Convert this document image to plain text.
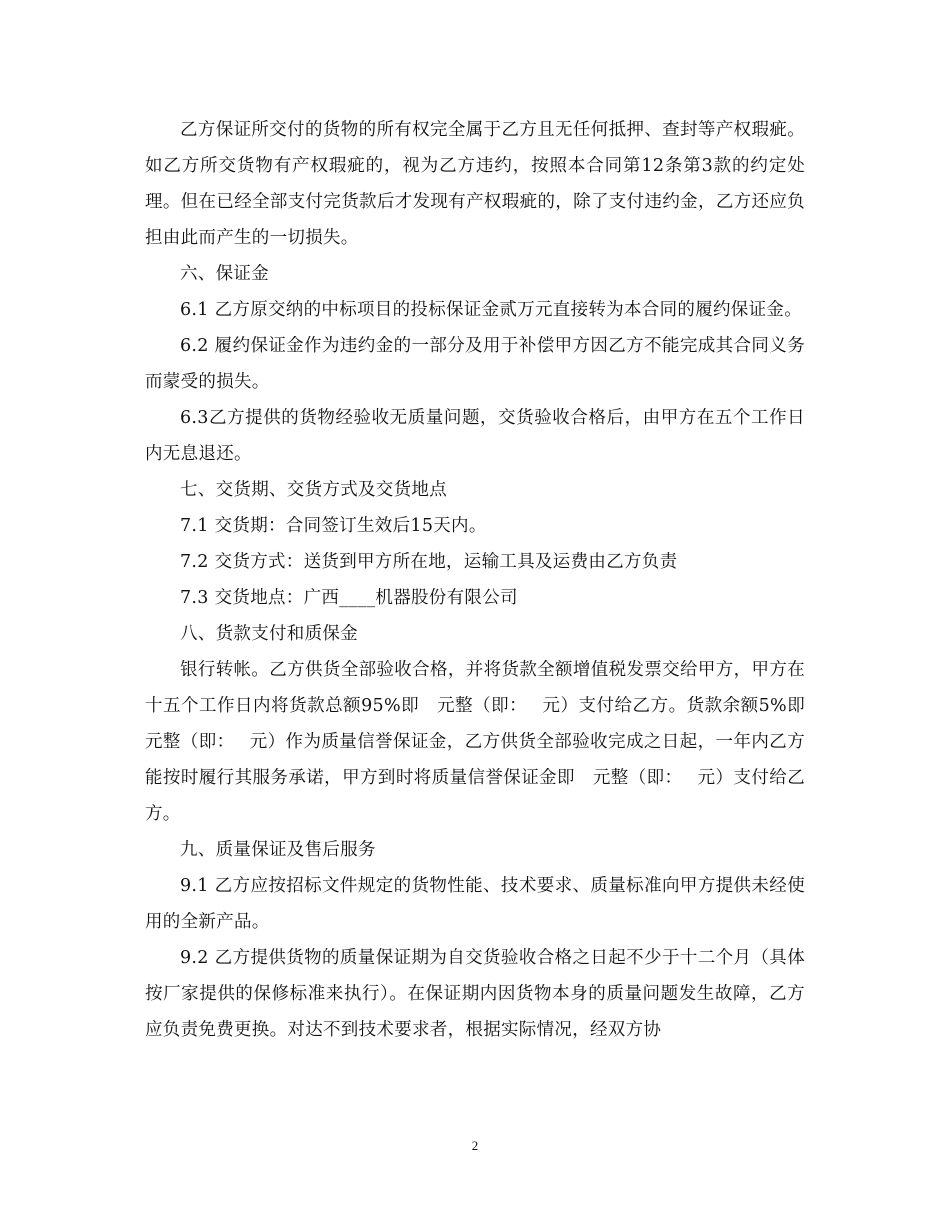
乙方保证所交付的货物的所有权完全属于乙方且无任何抵押、查封等产权瑕疵。如乙方所交货物有产权瑕疵的，视为乙方违约，按照本合同第12条第3款的约定处理。但在已经全部支付完货款后才发现有产权瑕疵的，除了支付违约金，乙方还应负担由此而产生的一切损失。

六、保证金

6.1 乙方原交纳的中标项目的投标保证金贰万元直接转为本合同的履约保证金。

6.2 履约保证金作为违约金的一部分及用于补偿甲方因乙方不能完成其合同义务而蒙受的损失。

6.3乙方提供的货物经验收无质量问题，交货验收合格后，由甲方在五个工作日内无息退还。

七、交货期、交货方式及交货地点

7.1 交货期：合同签订生效后15天内。

7.2 交货方式：送货到甲方所在地，运输工具及运费由乙方负责

7.3 交货地点：广西____机器股份有限公司

八、货款支付和质保金

银行转帐。乙方供货全部验收合格，并将货款全额增值税发票交给甲方，甲方在十五个工作日内将货款总额95%即　元整（即：　 元）支付给乙方。货款余额5%即　元整（即：　 元）作为质量信誉保证金，乙方供货全部验收完成之日起，一年内乙方能按时履行其服务承诺，甲方到时将质量信誉保证金即　元整（即：　 元）支付给乙方。

九、质量保证及售后服务

9.1 乙方应按招标文件规定的货物性能、技术要求、质量标准向甲方提供未经使用的全新产品。

9.2 乙方提供货物的质量保证期为自交货验收合格之日起不少于十二个月（具体按厂家提供的保修标准来执行）。在保证期内因货物本身的质量问题发生故障，乙方应负责免费更换。对达不到技术要求者，根据实际情况，经双方协

2
